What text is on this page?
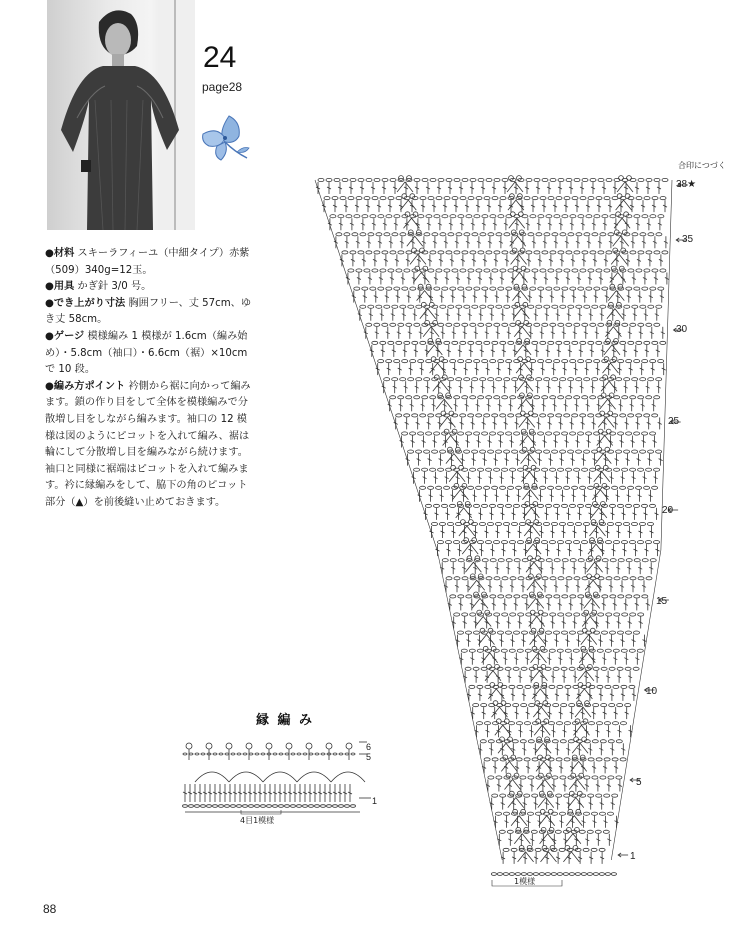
24
page28

●材料 スキーラフィーユ（中細タイプ）赤紫（509）340g=12玉。

●用具 かぎ針 3/0 号。

●でき上がり寸法 胸囲フリー、丈 57cm、ゆき丈 58cm。

●ゲージ 模様編み 1 模様が 1.6cm（編み始め）・5.8cm（袖口）・6.6cm（裾）×10cm で 10 段。

●編み方ポイント 衿側から裾に向かって編みます。鎖の作り目をして全体を模様編みで分散増し目をしながら編みます。袖口の 12 模様は図のようにピコットを入れて編み、裾は輪にして分散増し目を編みながら続けます。袖口と同様に裾端はピコットを入れて編みます。衿に縁編みをして、脇下の角のピコット部分（▲）を前後縫い止めておきます。

合印につづく
38★
35
30
25
20
15
10
5
1
1模様
縁 編 み
6
5
1
4目1模様
88
